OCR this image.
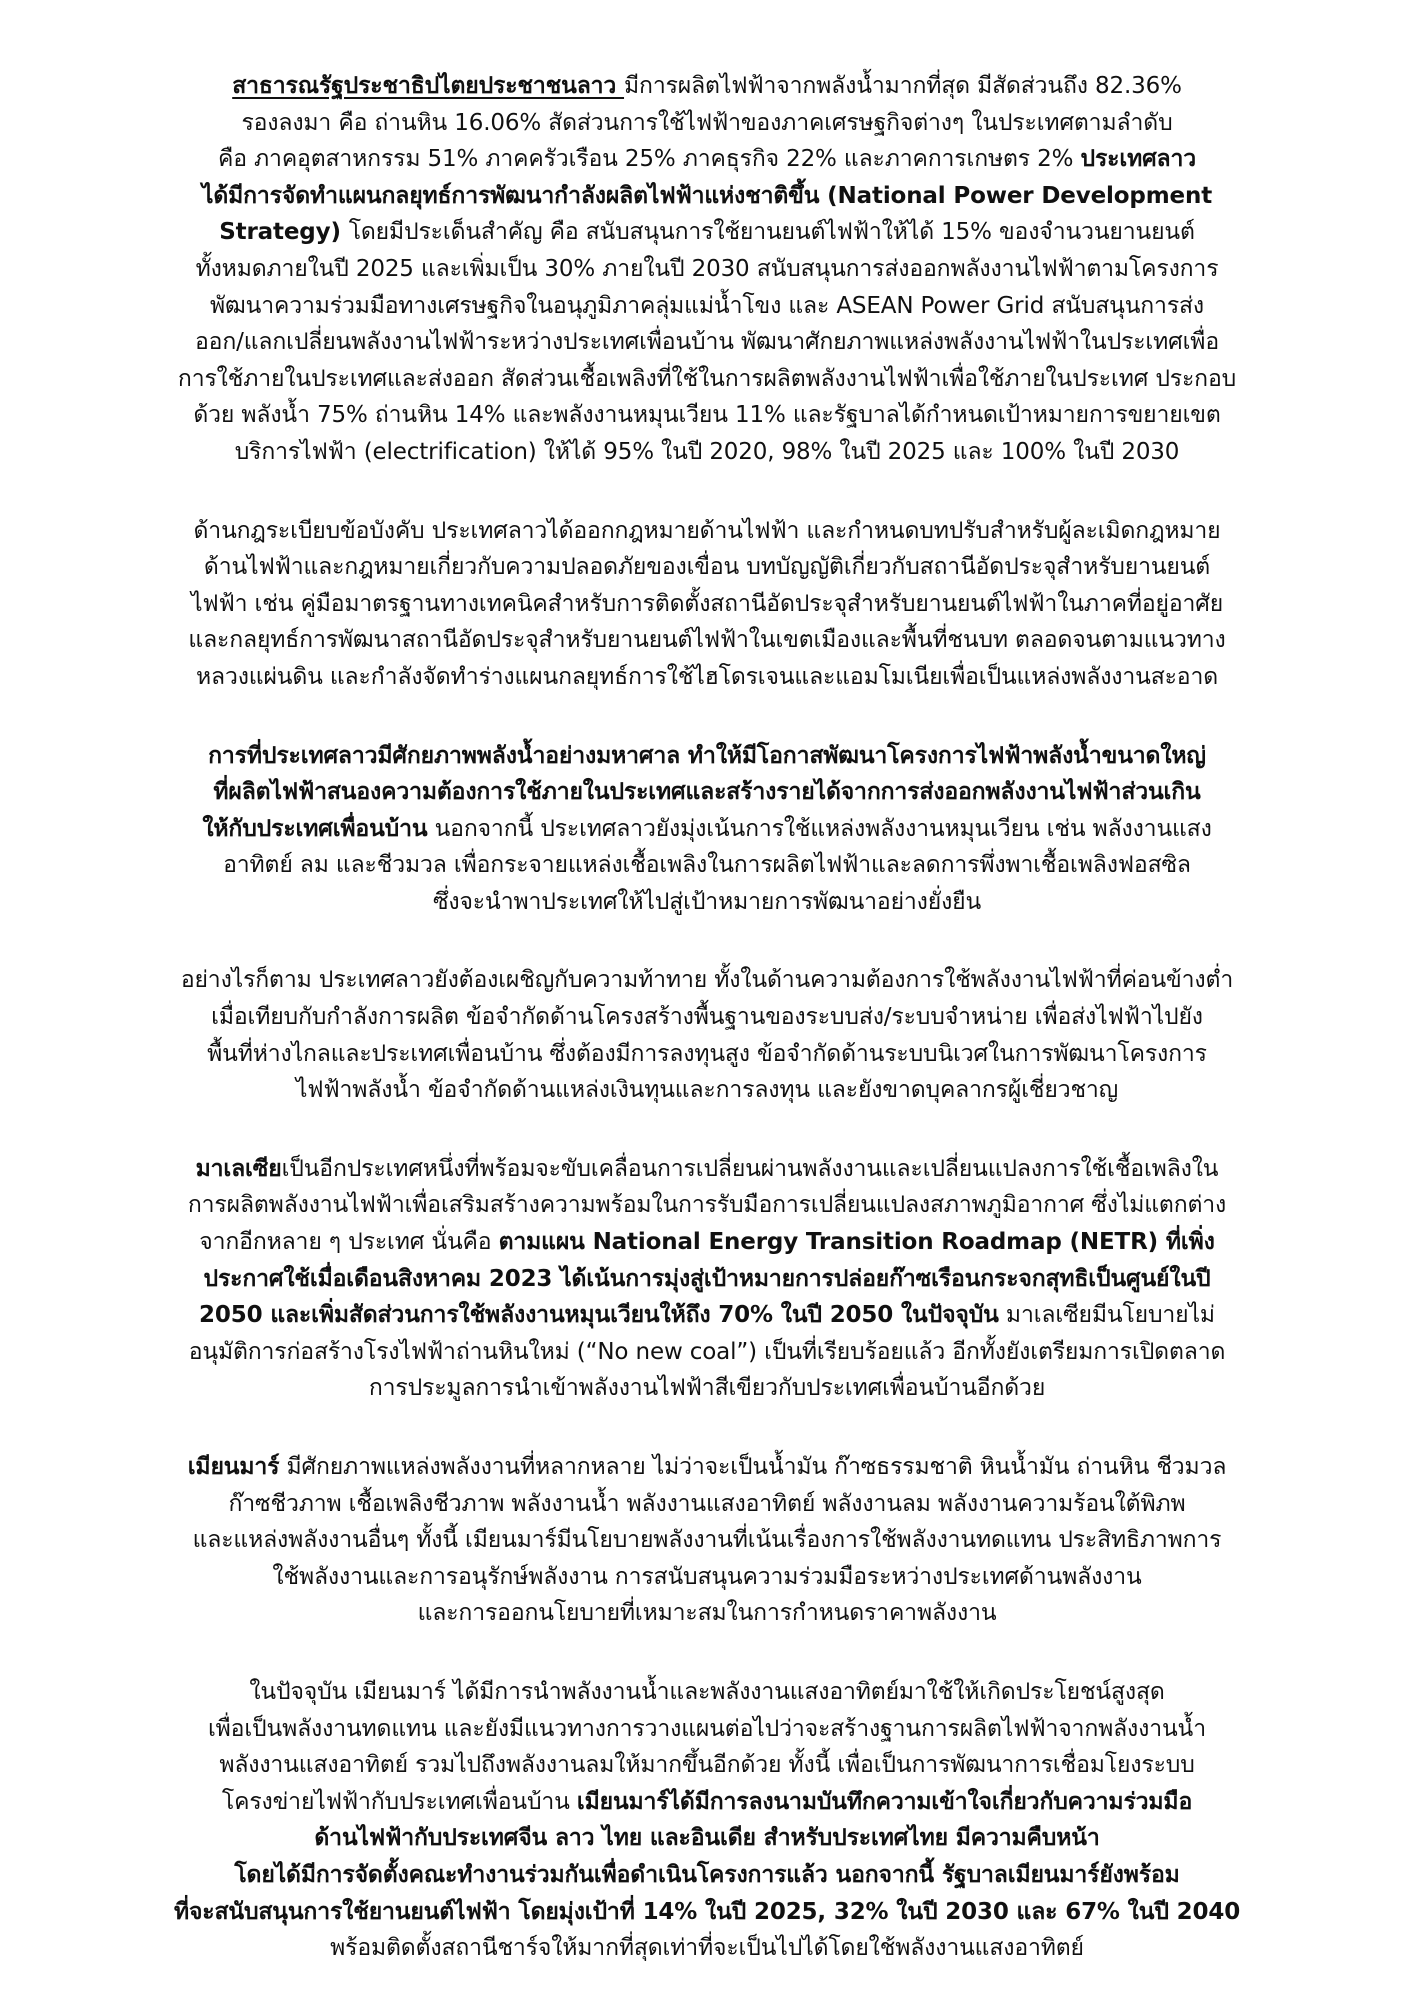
สาธารณรัฐประชาธิปไตยประชาชนลาว มีการผลิตไฟฟ้าจากพลังน้ำมากที่สุด มีสัดส่วนถึง 82.36%
รองลงมา คือ ถ่านหิน 16.06% สัดส่วนการใช้ไฟฟ้าของภาคเศรษฐกิจต่างๆ ในประเทศตามลำดับ
คือ ภาคอุตสาหกรรม 51% ภาคครัวเรือน 25% ภาคธุรกิจ 22% และภาคการเกษตร 2% ประเทศลาว
ได้มีการจัดทำแผนกลยุทธ์การพัฒนากำลังผลิตไฟฟ้าแห่งชาติขึ้น (National Power Development
Strategy) โดยมีประเด็นสำคัญ คือ สนับสนุนการใช้ยานยนต์ไฟฟ้าให้ได้ 15% ของจำนวนยานยนต์
ทั้งหมดภายในปี 2025 และเพิ่มเป็น 30% ภายในปี 2030 สนับสนุนการส่งออกพลังงานไฟฟ้าตามโครงการ
พัฒนาความร่วมมือทางเศรษฐกิจในอนุภูมิภาคลุ่มแม่น้ำโขง และ ASEAN Power Grid สนับสนุนการส่ง
ออก/แลกเปลี่ยนพลังงานไฟฟ้าระหว่างประเทศเพื่อนบ้าน พัฒนาศักยภาพแหล่งพลังงานไฟฟ้าในประเทศเพื่อ
การใช้ภายในประเทศและส่งออก สัดส่วนเชื้อเพลิงที่ใช้ในการผลิตพลังงานไฟฟ้าเพื่อใช้ภายในประเทศ ประกอบ
ด้วย พลังน้ำ 75% ถ่านหิน 14% และพลังงานหมุนเวียน 11% และรัฐบาลได้กำหนดเป้าหมายการขยายเขต
บริการไฟฟ้า (electrification) ให้ได้ 95% ในปี 2020, 98% ในปี 2025 และ 100% ในปี 2030
ด้านกฎระเบียบข้อบังคับ ประเทศลาวได้ออกกฎหมายด้านไฟฟ้า และกำหนดบทปรับสำหรับผู้ละเมิดกฎหมาย
ด้านไฟฟ้าและกฎหมายเกี่ยวกับความปลอดภัยของเขื่อน บทบัญญัติเกี่ยวกับสถานีอัดประจุสำหรับยานยนต์
ไฟฟ้า เช่น คู่มือมาตรฐานทางเทคนิคสำหรับการติดตั้งสถานีอัดประจุสำหรับยานยนต์ไฟฟ้าในภาคที่อยู่อาศัย
และกลยุทธ์การพัฒนาสถานีอัดประจุสำหรับยานยนต์ไฟฟ้าในเขตเมืองและพื้นที่ชนบท ตลอดจนตามแนวทาง
หลวงแผ่นดิน และกำลังจัดทำร่างแผนกลยุทธ์การใช้ไฮโดรเจนและแอมโมเนียเพื่อเป็นแหล่งพลังงานสะอาด
การที่ประเทศลาวมีศักยภาพพลังน้ำอย่างมหาศาล ทำให้มีโอกาสพัฒนาโครงการไฟฟ้าพลังน้ำขนาดใหญ่
ที่ผลิตไฟฟ้าสนองความต้องการใช้ภายในประเทศและสร้างรายได้จากการส่งออกพลังงานไฟฟ้าส่วนเกิน
ให้กับประเทศเพื่อนบ้าน นอกจากนี้ ประเทศลาวยังมุ่งเน้นการใช้แหล่งพลังงานหมุนเวียน เช่น พลังงานแสง
อาทิตย์ ลม และชีวมวล เพื่อกระจายแหล่งเชื้อเพลิงในการผลิตไฟฟ้าและลดการพึ่งพาเชื้อเพลิงฟอสซิล
ซึ่งจะนำพาประเทศให้ไปสู่เป้าหมายการพัฒนาอย่างยั่งยืน
อย่างไรก็ตาม ประเทศลาวยังต้องเผชิญกับความท้าทาย ทั้งในด้านความต้องการใช้พลังงานไฟฟ้าที่ค่อนข้างต่ำ
เมื่อเทียบกับกำลังการผลิต ข้อจำกัดด้านโครงสร้างพื้นฐานของระบบส่ง/ระบบจำหน่าย เพื่อส่งไฟฟ้าไปยัง
พื้นที่ห่างไกลและประเทศเพื่อนบ้าน ซึ่งต้องมีการลงทุนสูง ข้อจำกัดด้านระบบนิเวศในการพัฒนาโครงการ
ไฟฟ้าพลังน้ำ ข้อจำกัดด้านแหล่งเงินทุนและการลงทุน และยังขาดบุคลากรผู้เชี่ยวชาญ
มาเลเซียเป็นอีกประเทศหนึ่งที่พร้อมจะขับเคลื่อนการเปลี่ยนผ่านพลังงานและเปลี่ยนแปลงการใช้เชื้อเพลิงใน
การผลิตพลังงานไฟฟ้าเพื่อเสริมสร้างความพร้อมในการรับมือการเปลี่ยนแปลงสภาพภูมิอากาศ ซึ่งไม่แตกต่าง
จากอีกหลาย ๆ ประเทศ นั่นคือ ตามแผน National Energy Transition Roadmap (NETR) ที่เพิ่ง
ประกาศใช้เมื่อเดือนสิงหาคม 2023 ได้เน้นการมุ่งสู่เป้าหมายการปล่อยก๊าซเรือนกระจกสุทธิเป็นศูนย์ในปี
2050 และเพิ่มสัดส่วนการใช้พลังงานหมุนเวียนให้ถึง 70% ในปี 2050 ในปัจจุบัน มาเลเซียมีนโยบายไม่
อนุมัติการก่อสร้างโรงไฟฟ้าถ่านหินใหม่ (“No new coal”) เป็นที่เรียบร้อยแล้ว อีกทั้งยังเตรียมการเปิดตลาด
การประมูลการนำเข้าพลังงานไฟฟ้าสีเขียวกับประเทศเพื่อนบ้านอีกด้วย
เมียนมาร์ มีศักยภาพแหล่งพลังงานที่หลากหลาย ไม่ว่าจะเป็นน้ำมัน ก๊าซธรรมชาติ หินน้ำมัน ถ่านหิน ชีวมวล
ก๊าซชีวภาพ เชื้อเพลิงชีวภาพ พลังงานน้ำ พลังงานแสงอาทิตย์ พลังงานลม พลังงานความร้อนใต้พิภพ
และแหล่งพลังงานอื่นๆ ทั้งนี้ เมียนมาร์มีนโยบายพลังงานที่เน้นเรื่องการใช้พลังงานทดแทน ประสิทธิภาพการ
ใช้พลังงานและการอนุรักษ์พลังงาน การสนับสนุนความร่วมมือระหว่างประเทศด้านพลังงาน
และการออกนโยบายที่เหมาะสมในการกำหนดราคาพลังงาน
ในปัจจุบัน เมียนมาร์ ได้มีการนำพลังงานน้ำและพลังงานแสงอาทิตย์มาใช้ให้เกิดประโยชน์สูงสุด
เพื่อเป็นพลังงานทดแทน และยังมีแนวทางการวางแผนต่อไปว่าจะสร้างฐานการผลิตไฟฟ้าจากพลังงานน้ำ
พลังงานแสงอาทิตย์ รวมไปถึงพลังงานลมให้มากขึ้นอีกด้วย ทั้งนี้ เพื่อเป็นการพัฒนาการเชื่อมโยงระบบ
โครงข่ายไฟฟ้ากับประเทศเพื่อนบ้าน เมียนมาร์ได้มีการลงนามบันทึกความเข้าใจเกี่ยวกับความร่วมมือ
ด้านไฟฟ้ากับประเทศจีน ลาว ไทย และอินเดีย สำหรับประเทศไทย มีความคืบหน้า
โดยได้มีการจัดตั้งคณะทำงานร่วมกันเพื่อดำเนินโครงการแล้ว นอกจากนี้ รัฐบาลเมียนมาร์ยังพร้อม
ที่จะสนับสนุนการใช้ยานยนต์ไฟฟ้า โดยมุ่งเป้าที่ 14% ในปี 2025, 32% ในปี 2030 และ 67% ในปี 2040
พร้อมติดตั้งสถานีชาร์จให้มากที่สุดเท่าที่จะเป็นไปได้โดยใช้พลังงานแสงอาทิตย์
